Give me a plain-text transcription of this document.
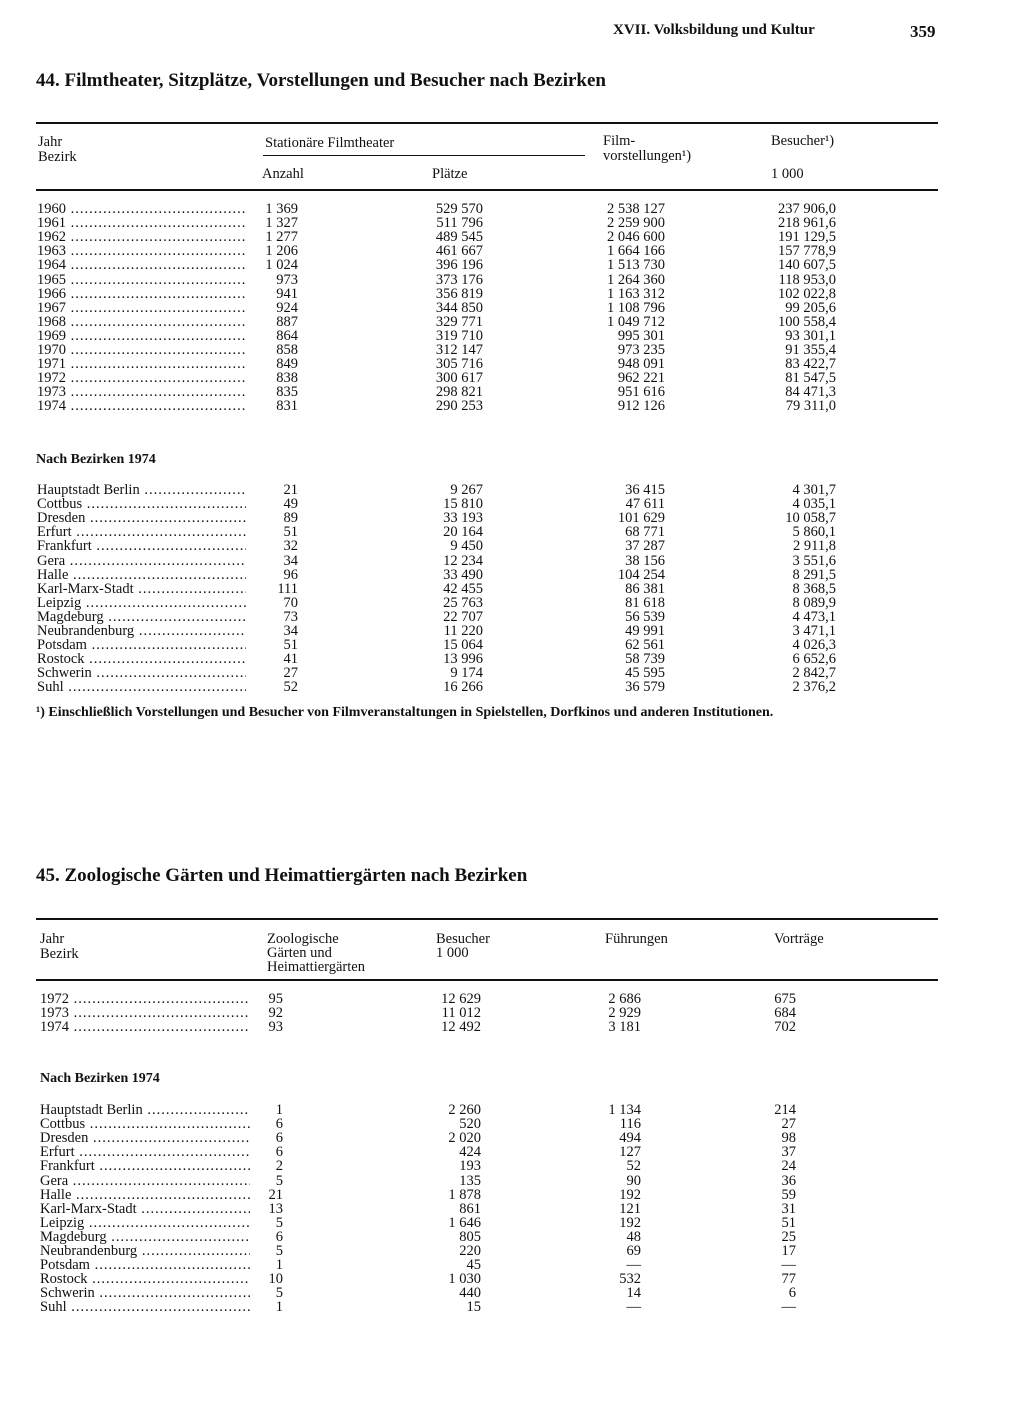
XVII. Volksbildung und Kultur	359
44. Filmtheater, Sitzplätze, Vorstellungen und Besucher nach Bezirken
Jahr
Bezirk
Stationäre Filmtheater
Anzahl	Plätze
Film-
vorstellungen¹)
Besucher¹)
1 000
1960 .....	1 369	529 570	2 538 127	237 906,0
1961 .....	1 327	511 796	2 259 900	218 961,6
1962 .....	1 277	489 545	2 046 600	191 129,5
1963 .....	1 206	461 667	1 664 166	157 778,9
1964 .....	1 024	396 196	1 513 730	140 607,5
1965 .....	973	373 176	1 264 360	118 953,0
1966 .....	941	356 819	1 163 312	102 022,8
1967 .....	924	344 850	1 108 796	99 205,6
1968 .....	887	329 771	1 049 712	100 558,4
1969 .....	864	319 710	995 301	93 301,1
1970 .....	858	312 147	973 235	91 355,4
1971 .....	849	305 716	948 091	83 422,7
1972 .....	838	300 617	962 221	81 547,5
1973 .....	835	298 821	951 616	84 471,3
1974 .....	831	290 253	912 126	79 311,0
Nach Bezirken 1974
Hauptstadt Berlin .....	21	9 267	36 415	4 301,7
Cottbus .....	49	15 810	47 611	4 035,1
Dresden .....	89	33 193	101 629	10 058,7
Erfurt .....	51	20 164	68 771	5 860,1
Frankfurt .....	32	9 450	37 287	2 911,8
Gera .....	34	12 234	38 156	3 551,6
Halle .....	96	33 490	104 254	8 291,5
Karl-Marx-Stadt .....	111	42 455	86 381	8 368,5
Leipzig .....	70	25 763	81 618	8 089,9
Magdeburg .....	73	22 707	56 539	4 473,1
Neubrandenburg .....	34	11 220	49 991	3 471,1
Potsdam .....	51	15 064	62 561	4 026,3
Rostock .....	41	13 996	58 739	6 652,6
Schwerin .....	27	9 174	45 595	2 842,7
Suhl .....	52	16 266	36 579	2 376,2
¹) Einschließlich Vorstellungen und Besucher von Filmveranstaltungen in Spielstellen, Dorfkinos und anderen Institutionen.
45. Zoologische Gärten und Heimattiergärten nach Bezirken
Jahr
Bezirk
Zoologische
Gärten und
Heimattiergärten
Besucher
1 000
Führungen	Vorträge
1972 .....	95	12 629	2 686	675
1973 .....	92	11 012	2 929	684
1974 .....	93	12 492	3 181	702
Nach Bezirken 1974
Hauptstadt Berlin .....	1	2 260	1 134	214
Cottbus .....	6	520	116	27
Dresden .....	6	2 020	494	98
Erfurt .....	6	424	127	37
Frankfurt .....	2	193	52	24
Gera .....	5	135	90	36
Halle .....	21	1 878	192	59
Karl-Marx-Stadt .....	13	861	121	31
Leipzig .....	5	1 646	192	51
Magdeburg .....	6	805	48	25
Neubrandenburg .....	5	220	69	17
Potsdam .....	1	45	—	—
Rostock .....	10	1 030	532	77
Schwerin .....	5	440	14	6
Suhl .....	1	15	—	—
